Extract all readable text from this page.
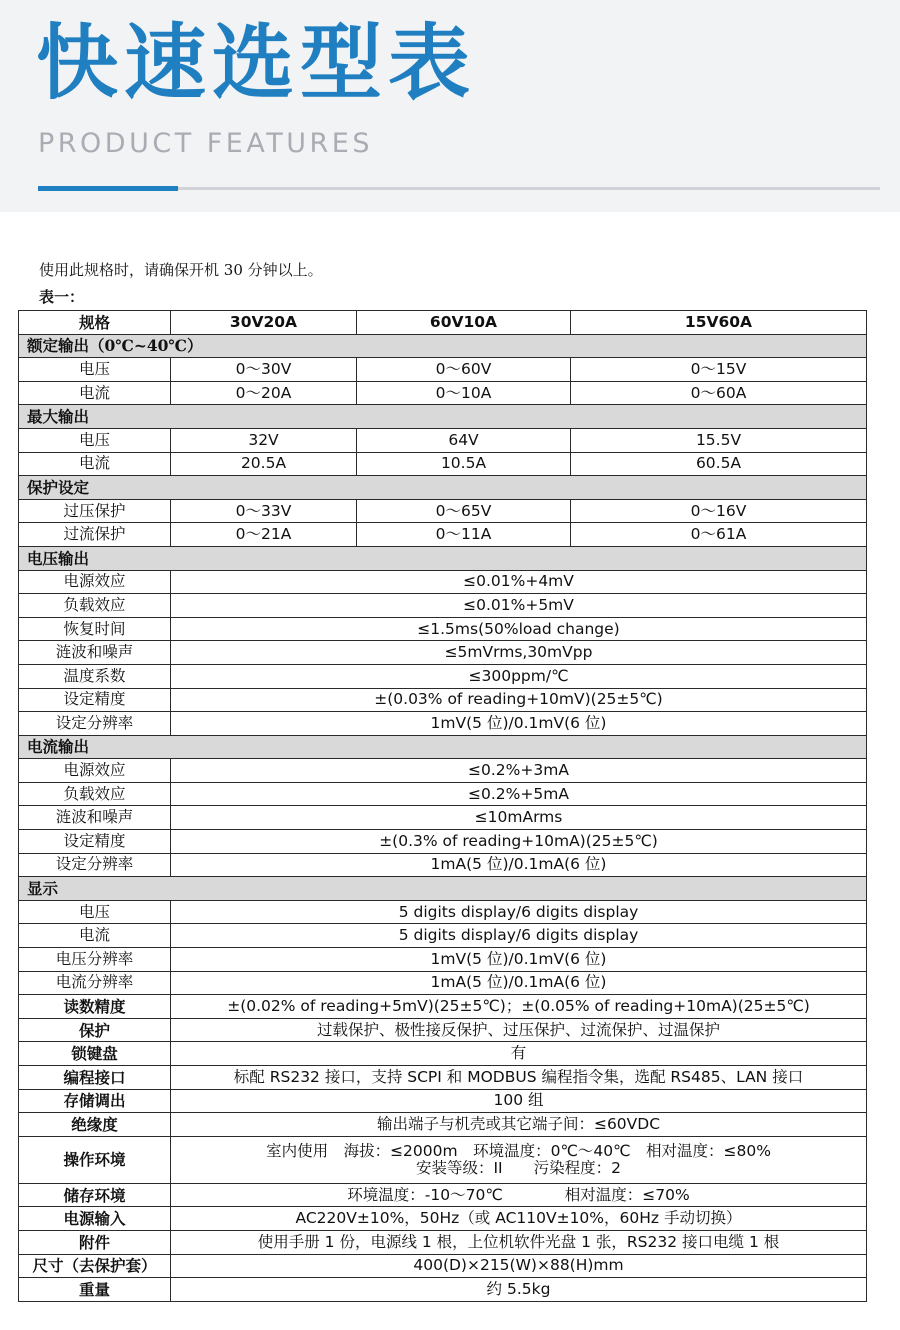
快速选型表
PRODUCT FEATURES
使用此规格时，请确保开机 30 分钟以上。
表一：
规格	30V20A	60V10A	15V60A
额定输出（0℃~40℃）			
电压	0～30V	0～60V	0～15V
电流	0～20A	0～10A	0～60A
最大输出			
电压	32V	64V	15.5V
电流	20.5A	10.5A	60.5A
保护设定			
过压保护	0～33V	0～65V	0～16V
过流保护	0～21A	0～11A	0～61A
电压输出			
电源效应	≤0.01%+4mV		
负载效应	≤0.01%+5mV		
恢复时间	≤1.5ms(50%load change)		
涟波和噪声	≤5mVrms,30mVpp		
温度系数	≤300ppm/℃		
设定精度	±(0.03% of reading+10mV)(25±5℃)		
设定分辨率	1mV(5 位)/0.1mV(6 位)		
电流输出			
电源效应	≤0.2%+3mA		
负载效应	≤0.2%+5mA		
涟波和噪声	≤10mArms		
设定精度	±(0.3% of reading+10mA)(25±5℃)		
设定分辨率	1mA(5 位)/0.1mA(6 位)		
显示			
电压	5 digits display/6 digits display		
电流	5 digits display/6 digits display		
电压分辨率	1mV(5 位)/0.1mV(6 位)		
电流分辨率	1mA(5 位)/0.1mA(6 位)		
读数精度	±(0.02% of reading+5mV)(25±5℃)；±(0.05% of reading+10mA)(25±5℃)		
保护	过载保护、极性接反保护、过压保护、过流保护、过温保护		
锁键盘	有		
编程接口	标配 RS232 接口，支持 SCPI 和 MODBUS 编程指令集，选配 RS485、LAN 接口		
存储调出	100 组		
绝缘度	输出端子与机壳或其它端子间：≤60VDC		
操作环境	室内使用　海拔：≤2000m　环境温度：0℃～40℃　相对温度：≤80%
安装等级：II　　污染程度：2		

储存环境	环境温度：-10～70℃　　　　相对温度：≤70%		
电源输入	AC220V±10%，50Hz（或 AC110V±10%，60Hz 手动切换）		
附件	使用手册 1 份，电源线 1 根，上位机软件光盘 1 张，RS232 接口电缆 1 根		
尺寸（去保护套）	400(D)×215(W)×88(H)mm		
重量	约 5.5kg		
